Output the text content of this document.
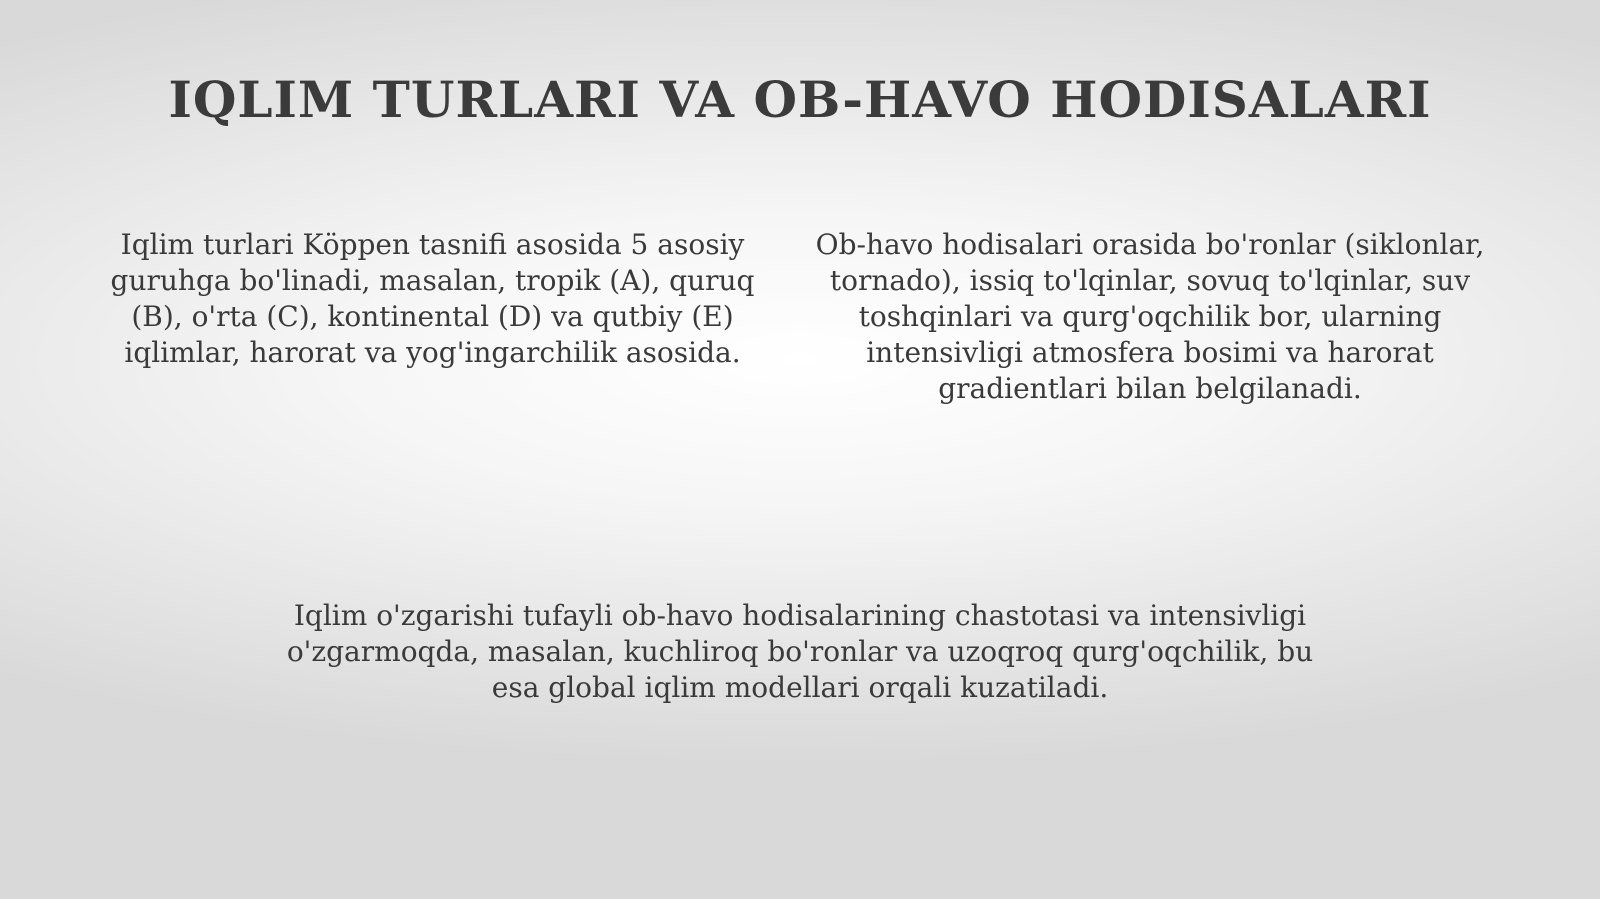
IQLIM TURLARI VA OB-HAVO HODISALARI
Iqlim turlari Köppen tasnifi asosida 5 asosiy guruhga bo'linadi, masalan, tropik (A), quruq (B), o'rta (C), kontinental (D) va qutbiy (E) iqlimlar, harorat va yog'ingarchilik asosida.
Ob-havo hodisalari orasida bo'ronlar (siklonlar, tornado), issiq to'lqinlar, sovuq to'lqinlar, suv toshqinlari va qurg'oqchilik bor, ularning intensivligi atmosfera bosimi va harorat gradientlari bilan belgilanadi.
Iqlim o'zgarishi tufayli ob-havo hodisalarining chastotasi va intensivligi o'zgarmoqda, masalan, kuchliroq bo'ronlar va uzoqroq qurg'oqchilik, bu esa global iqlim modellari orqali kuzatiladi.
